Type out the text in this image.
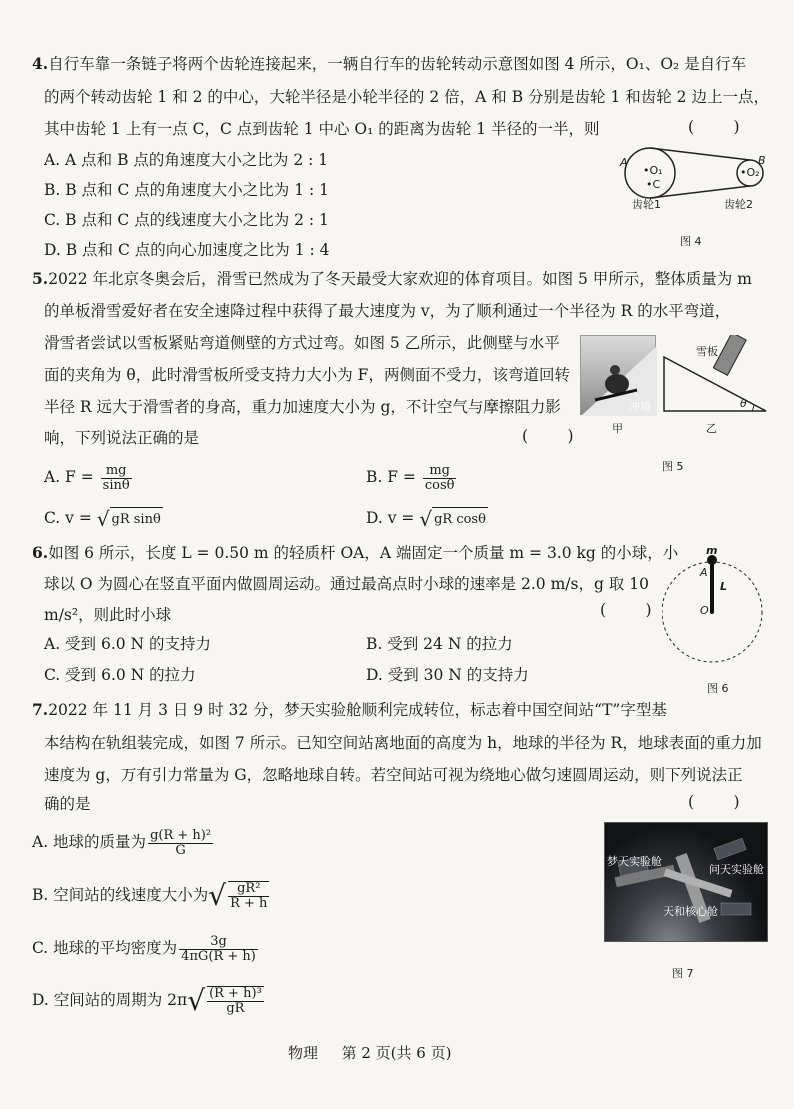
4.自行车靠一条链子将两个齿轮连接起来，一辆自行车的齿轮转动示意图如图 4 所示，O₁、O₂ 是自行车
的两个转动齿轮 1 和 2 的中心，大轮半径是小轮半径的 2 倍，A 和 B 分别是齿轮 1 和齿轮 2 边上一点，
其中齿轮 1 上有一点 C，C 点到齿轮 1 中心 O₁ 的距离为齿轮 1 半径的一半，则	(        )
A. A 点和 B 点的角速度大小之比为 2 : 1
B. B 点和 C 点的角速度大小之比为 1 : 1
C. B 点和 C 点的线速度大小之比为 2 : 1
D. B 点和 C 点的向心加速度之比为 1 : 4
A
•O₁
•C
B
•O₂
齿轮1	齿轮2
图 4
5.2022 年北京冬奥会后，滑雪已然成为了冬天最受大家欢迎的体育项目。如图 5 甲所示，整体质量为 m
的单板滑雪爱好者在安全速降过程中获得了最大速度为 v，为了顺利通过一个半径为 R 的水平弯道，
滑雪者尝试以雪板紧贴弯道侧壁的方式过弯。如图 5 乙所示，此侧壁与水平
面的夹角为 θ，此时滑雪板所受支持力大小为 F，两侧面不受力，该弯道回转
半径 R 远大于滑雪者的身高，重力加速度大小为 g，不计空气与摩擦阻力影
响，下列说法正确的是	(        )
A. $F = \frac{mg}{\sin\theta}$	B. $F = \frac{mg}{\cos\theta}$
C. v = √ gR sinθ	D. v = √ gR cosθ
冲墙
雪板
θ
甲	乙
图 5
6.如图 6 所示，长度 L = 0.50 m 的轻质杆 OA，A 端固定一个质量 m = 3.0 kg 的小球，小
球以 O 为圆心在竖直平面内做圆周运动。通过最高点时小球的速率是 2.0 m/s，g 取 10
m/s²，则此时小球	(        )
A. 受到 6.0 N 的支持力	B. 受到 24 N 的拉力
C. 受到 6.0 N 的拉力	D. 受到 30 N 的支持力
m
A
L
O
图 6
7.2022 年 11 月 3 日 9 时 32 分，梦天实验舱顺利完成转位，标志着中国空间站“T”字型基
本结构在轨组装完成，如图 7 所示。已知空间站离地面的高度为 h，地球的半径为 R，地球表面的重力加
速度为 g，万有引力常量为 G，忽略地球自转。若空间站可视为绕地心做匀速圆周运动，则下列说法正
确的是	(        )
A. 地球的质量为 $\frac{\text{g(R + h)²}}{G}$
B. 空间站的线速度大小为√ $\frac{\text{gR²}}{R + h}$
C. 地球的平均密度为 $\frac{3g}{4\pi G(R + h)}$
D. 空间站的周期为 $2\pi√ \frac{\text{(R + h)³}}{gR}$
梦天实验舱
问天实验舱
天和核心舱
图 7
物理 第 2 页(共 6 页)
